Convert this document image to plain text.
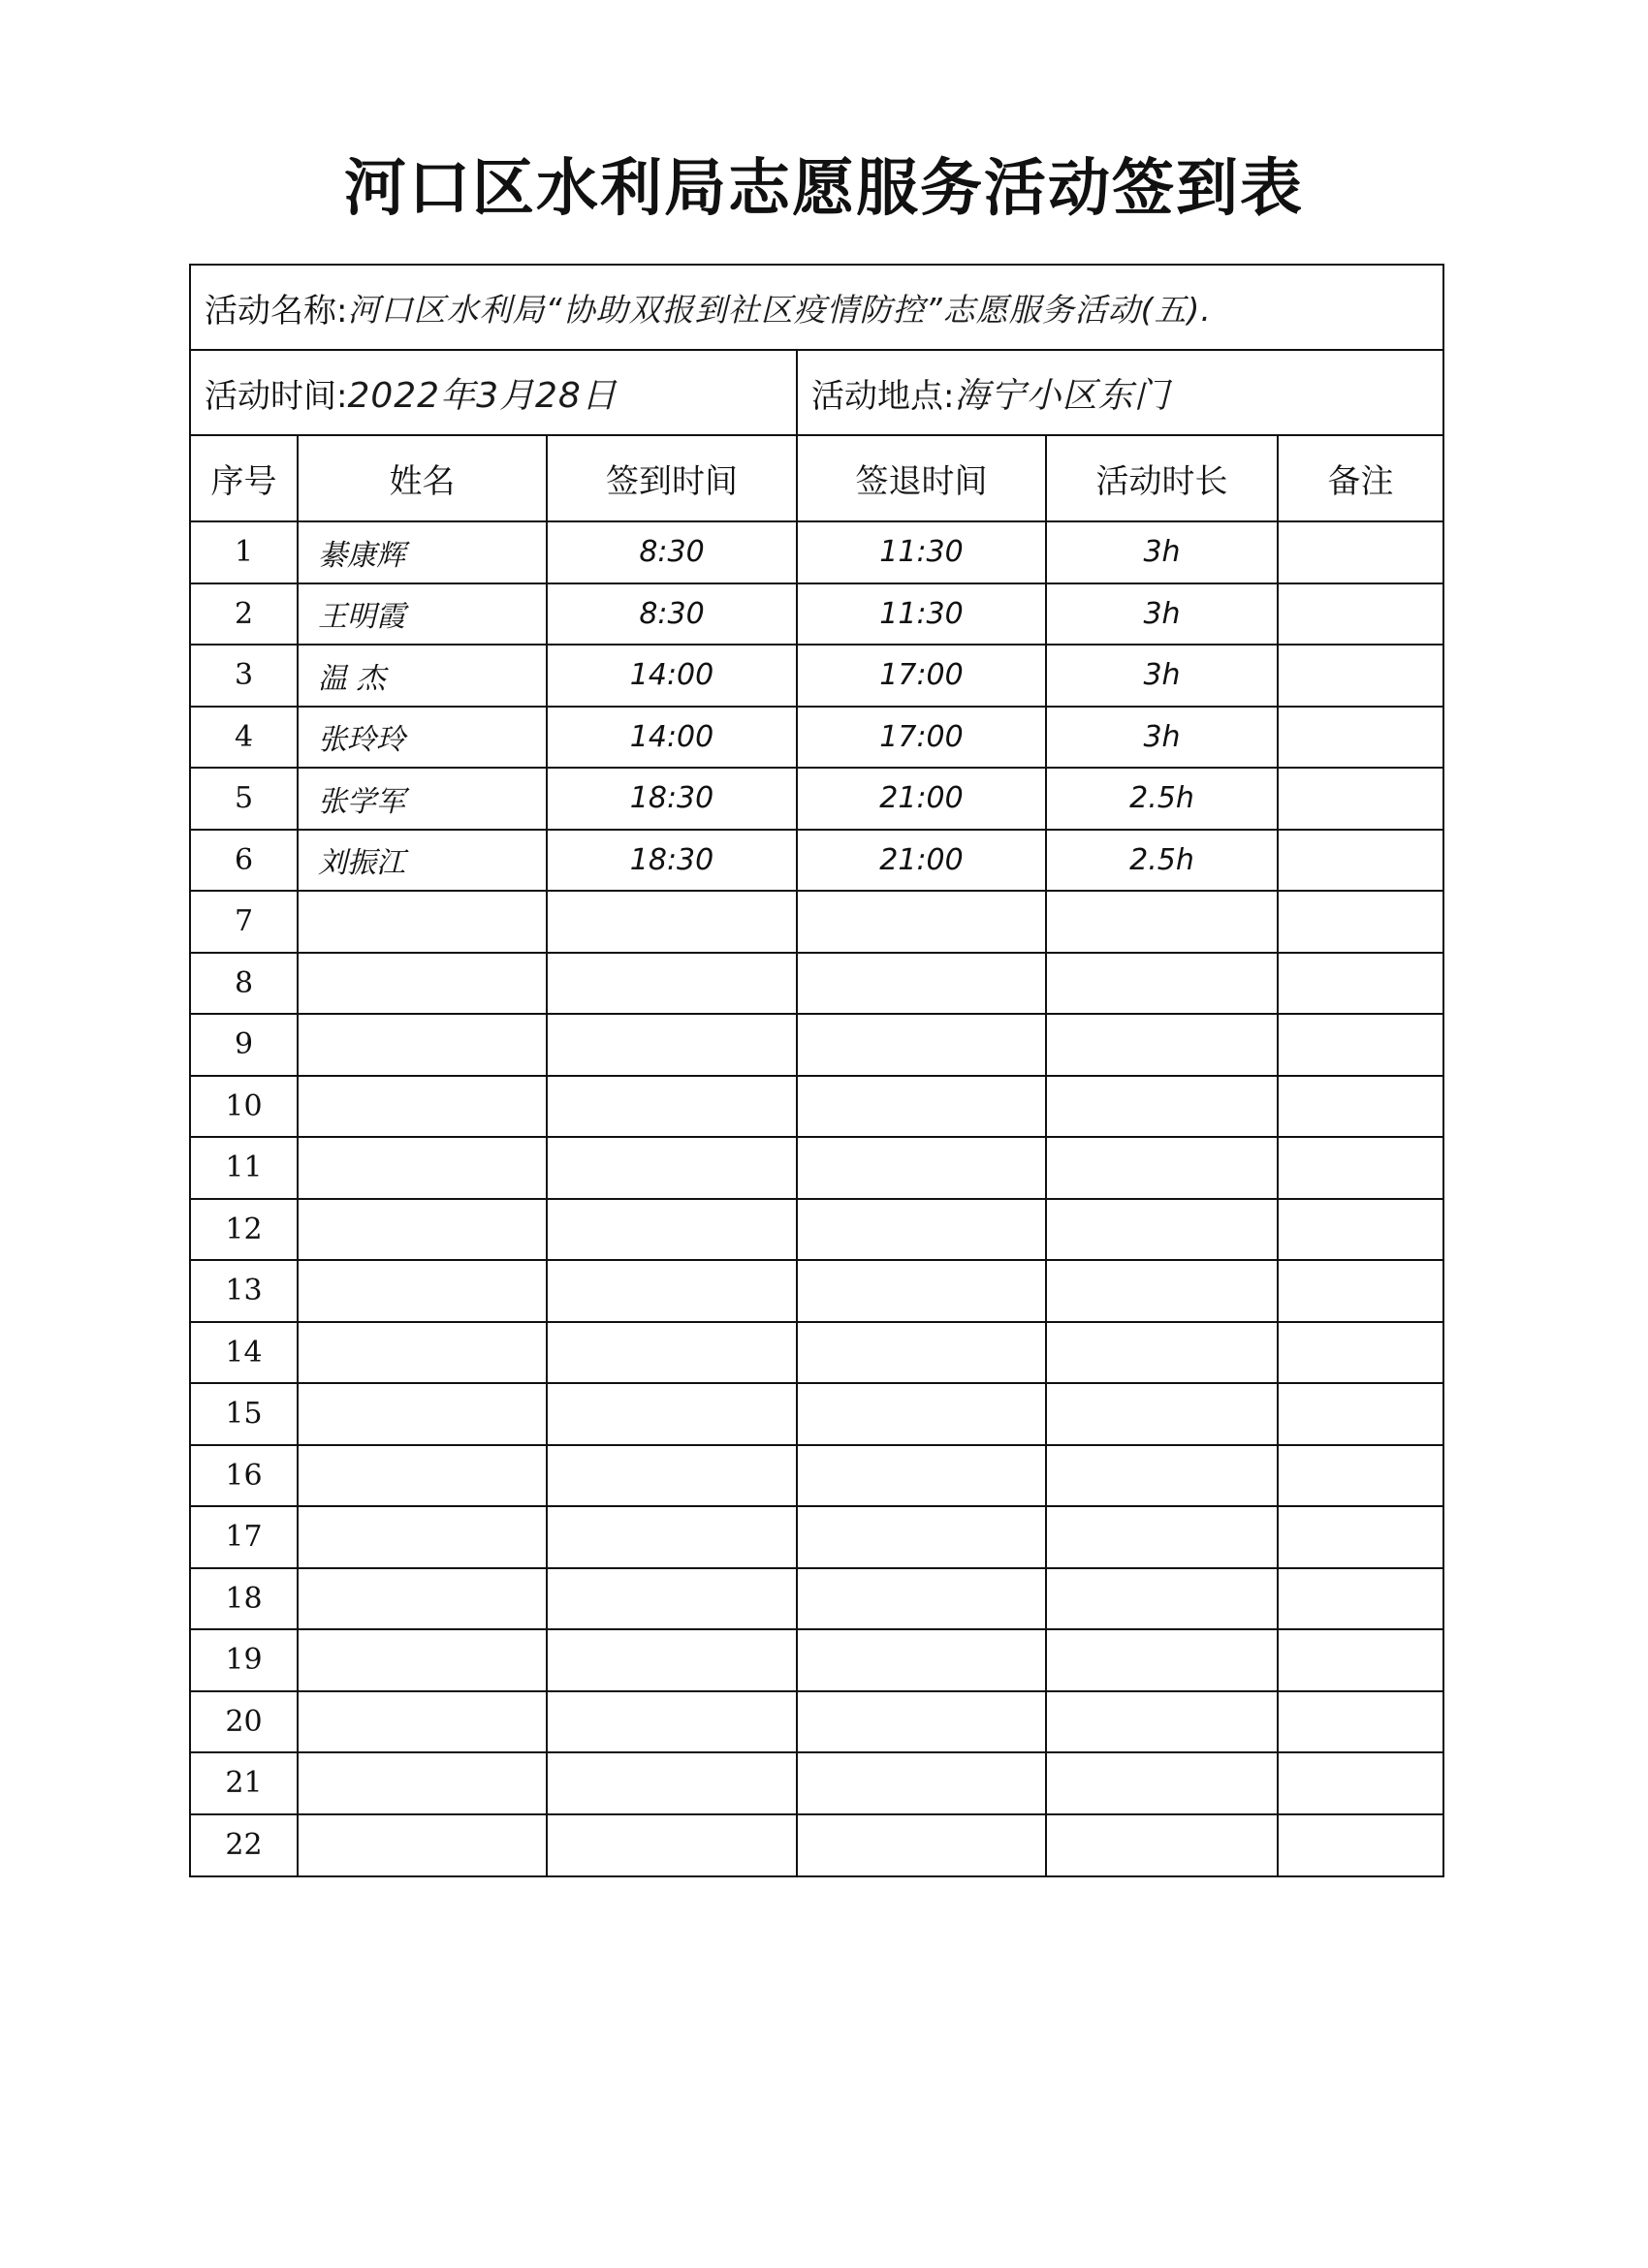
河口区水利局志愿服务活动签到表
活动名称: 河口区水利局“协助双报到社区疫情防控”志愿服务活动(五).
活动时间: 2022年3月28日	活动地点: 海宁小区东门
序号	姓名	签到时间	签退时间	活动时长	备注
1	綦康辉	8:30	11:30	3h	
2	王明霞	8:30	11:30	3h	
3	温 杰	14:00	17:00	3h	
4	张玲玲	14:00	17:00	3h	
5	张学军	18:30	21:00	2.5h	
6	刘振江	18:30	21:00	2.5h	
7					
8					
9					
10					
11					
12					
13					
14					
15					
16					
17					
18					
19					
20					
21					
22					
